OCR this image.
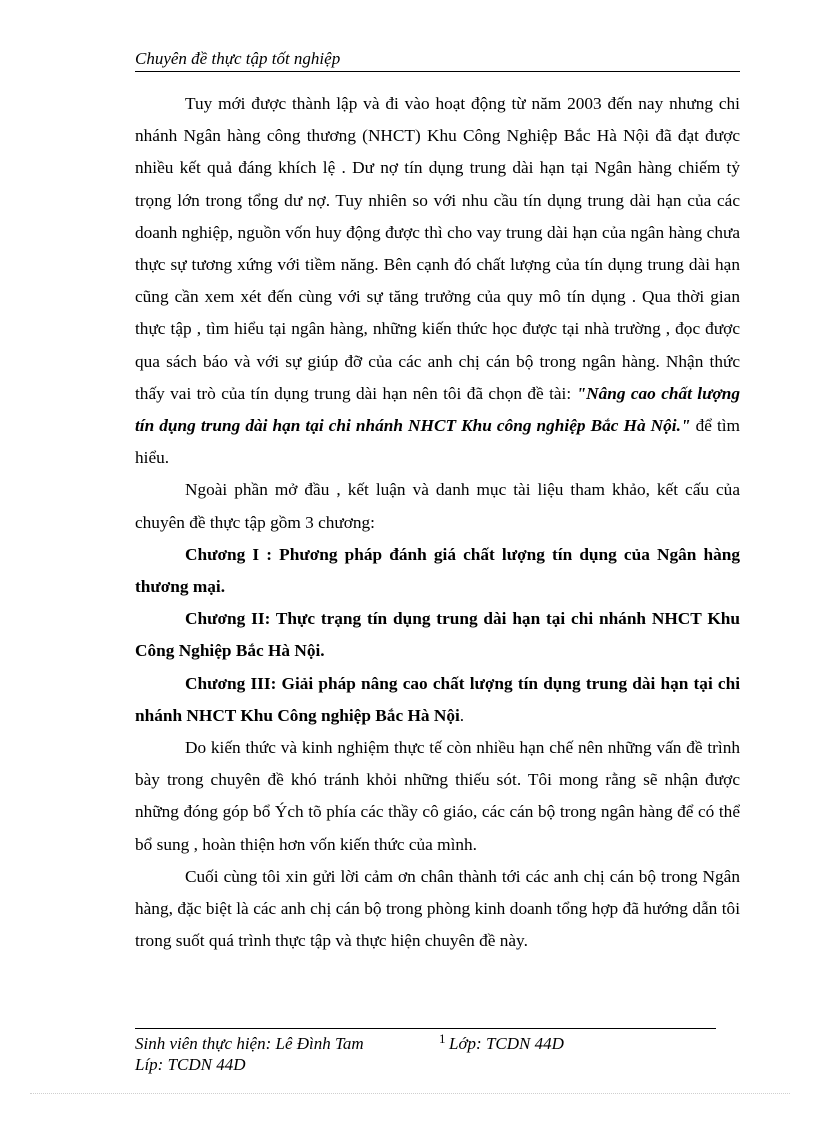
Chuyên đề thực tập tốt nghiệp

Tuy mới được thành lập và đi vào hoạt động từ năm 2003 đến nay nhưng chi nhánh Ngân hàng công thương (NHCT) Khu Công Nghiệp Bắc Hà Nội đã đạt được nhiều kết quả đáng khích lệ . Dư nợ tín dụng trung dài hạn tại Ngân hàng chiếm tỷ trọng lớn trong tổng dư nợ. Tuy nhiên so với nhu cầu tín dụng trung dài hạn của các doanh nghiệp, nguồn vốn huy động được thì cho vay trung dài hạn của ngân hàng chưa thực sự tương xứng với tiềm năng. Bên cạnh đó chất lượng của tín dụng trung dài hạn cũng cần xem xét đến cùng với sự tăng trưởng của quy mô tín dụng . Qua thời gian thực tập , tìm hiểu tại ngân hàng, những kiến thức học được tại nhà trường , đọc được qua sách báo và với sự giúp đỡ của các anh chị cán bộ trong ngân hàng. Nhận thức thấy vai trò của tín dụng trung dài hạn nên tôi đã chọn đề tài: "Nâng cao chất lượng tín dụng trung dài hạn tại chi nhánh NHCT Khu công nghiệp Bắc Hà Nội." để tìm hiểu.

Ngoài phần mở đầu , kết luận và danh mục tài liệu tham khảo, kết cấu của chuyên đề thực tập gồm 3 chương:

Chương I : Phương pháp đánh giá chất lượng tín dụng của Ngân hàng thương mại.

Chương II: Thực trạng tín dụng trung dài hạn tại chi nhánh NHCT Khu Công Nghiệp Bắc Hà Nội.

Chương III: Giải pháp nâng cao chất lượng tín dụng trung dài hạn tại chi nhánh NHCT Khu Công nghiệp Bắc Hà Nội.

Do kiến thức và kinh nghiệm thực tế còn nhiều hạn chế nên những vấn đề trình bày trong chuyên đề khó tránh khỏi những thiếu sót. Tôi mong rằng sẽ nhận được những đóng góp bổ Ých tõ phía các thầy cô giáo, các cán bộ trong ngân hàng để có thể bổ sung , hoàn thiện hơn vốn kiến thức của mình.

Cuối cùng tôi xin gửi lời cảm ơn chân thành tới các anh chị cán bộ trong Ngân hàng, đặc biệt là các anh chị cán bộ trong phòng kinh doanh tổng hợp đã hướng dẫn tôi trong suốt quá trình thực tập và thực hiện chuyên đề này.

Sinh viên thực hiện: Lê Đình Tam	1 Lớp: TCDN 44D
Líp: TCDN 44D
